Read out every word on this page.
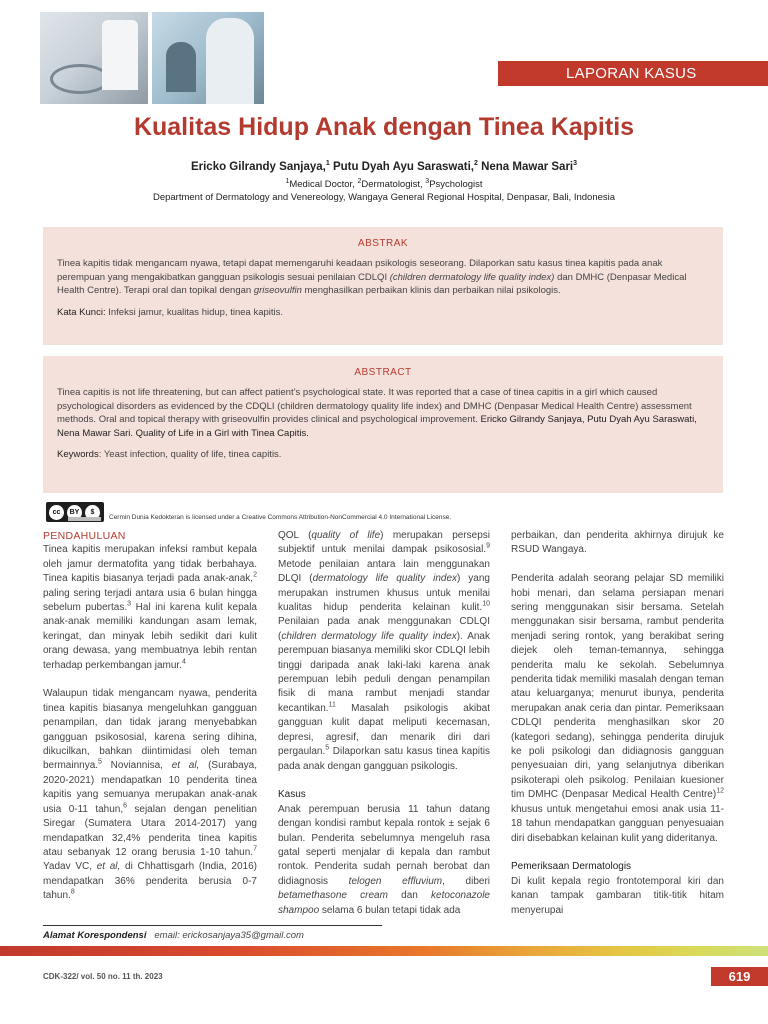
LAPORAN KASUS
Kualitas Hidup Anak dengan Tinea Kapitis
Ericko Gilrandy Sanjaya,$^1$ Putu Dyah Ayu Saraswati,$^2$ Nena Mawar Sari$^3$
$^1$Medical Doctor, $^2$Dermatologist, $^3$Psychologist
Department of Dermatology and Venereology, Wangaya General Regional Hospital, Denpasar, Bali, Indonesia
ABSTRAK
Tinea kapitis tidak mengancam nyawa, tetapi dapat memengaruhi keadaan psikologis seseorang. Dilaporkan satu kasus tinea kapitis pada anak perempuan yang mengakibatkan gangguan psikologis sesuai penilaian CDLQI (children dermatology life quality index) dan DMHC (Denpasar Medical Health Centre). Terapi oral dan topikal dengan griseovulfin menghasilkan perbaikan klinis dan perbaikan nilai psikologis.
Kata Kunci: Infeksi jamur, kualitas hidup, tinea kapitis.
ABSTRACT
Tinea capitis is not life threatening, but can affect patient’s psychological state. It was reported that a case of tinea capitis in a girl which caused psychological disorders as evidenced by the CDQLI (children dermatology quality life index) and DMHC (Denpasar Medical Health Centre) assessment methods. Oral and topical therapy with griseovulfin provides clinical and psychological improvement. Ericko Gilrandy Sanjaya, Putu Dyah Ayu Saraswati, Nena Mawar Sari. Quality of Life in a Girl with Tinea Capitis.
Keywords: Yeast infection, quality of life, tinea capitis.
cc	BY	$
Cermin Dunia Kedokteran is licensed under a Creative Commons Attribution-NonCommercial 4.0 International License.
PENDAHULUAN

Tinea kapitis merupakan infeksi rambut kepala oleh jamur dermatofita yang tidak berbahaya. Tinea kapitis biasanya terjadi pada anak-anak,$^2$ paling sering terjadi antara usia 6 bulan hingga sebelum pubertas.$^3$ Hal ini karena kulit kepala anak-anak memiliki kandungan asam lemak, keringat, dan minyak lebih sedikit dari kulit orang dewasa, yang membuatnya lebih rentan terhadap perkembangan jamur.$^4$

Walaupun tidak mengancam nyawa, penderita tinea kapitis biasanya mengeluhkan gangguan penampilan, dan tidak jarang menyebabkan gangguan psikososial, karena sering dihina, dikucilkan, bahkan diintimidasi oleh teman bermainnya.$^5$ Noviannisa, et al, (Surabaya, 2020-2021) mendapatkan 10 penderita tinea kapitis yang semuanya merupakan anak-anak usia 0-11 tahun,$^6$ sejalan dengan penelitian Siregar (Sumatera Utara 2014-2017) yang mendapatkan 32,4% penderita tinea kapitis atau sebanyak 12 orang berusia 1-10 tahun.$^7$ Yadav VC, et al, di Chhattisgarh (India, 2016) mendapatkan 36% penderita berusia 0-7 tahun.$^8$

QOL (quality of life) merupakan persepsi subjektif untuk menilai dampak psikososial.$^9$ Metode penilaian antara lain menggunakan DLQI (dermatology life quality index) yang merupakan instrumen khusus untuk menilai kualitas hidup penderita kelainan kulit.$^{10}$ Penilaian pada anak menggunakan CDLQI (children dermatology life quality index). Anak perempuan biasanya memiliki skor CDLQI lebih tinggi daripada anak laki-laki karena anak perempuan lebih peduli dengan penampilan fisik di mana rambut menjadi standar kecantikan.$^{11}$ Masalah psikologis akibat gangguan kulit dapat meliputi kecemasan, depresi, agresif, dan menarik diri dari pergaulan.$^5$ Dilaporkan satu kasus tinea kapitis pada anak dengan gangguan psikologis.

Kasus

Anak perempuan berusia 11 tahun datang dengan kondisi rambut kepala rontok ± sejak 6 bulan. Penderita sebelumnya mengeluh rasa gatal seperti menjalar di kepala dan rambut rontok. Penderita sudah pernah berobat dan didiagnosis telogen effluvium, diberi betamethasone cream dan ketoconazole shampoo selama 6 bulan tetapi tidak ada

perbaikan, dan penderita akhirnya dirujuk ke RSUD Wangaya.

Penderita adalah seorang pelajar SD memiliki hobi menari, dan selama persiapan menari sering menggunakan sisir bersama. Setelah menggunakan sisir bersama, rambut penderita menjadi sering rontok, yang berakibat sering diejek oleh teman-temannya, sehingga penderita malu ke sekolah. Sebelumnya penderita tidak memiliki masalah dengan teman atau keluarganya; menurut ibunya, penderita merupakan anak ceria dan pintar. Pemeriksaan CDLQI penderita menghasilkan skor 20 (kategori sedang), sehingga penderita dirujuk ke poli psikologi dan didiagnosis gangguan penyesuaian diri, yang selanjutnya diberikan psikoterapi oleh psikolog. Penilaian kuesioner tim DMHC (Denpasar Medical Health Centre)$^{12}$ khusus untuk mengetahui emosi anak usia 11-18 tahun mendapatkan gangguan penyesuaian diri disebabkan kelainan kulit yang dideritanya.

Pemeriksaan Dermatologis

Di kulit kepala regio frontotemporal kiri dan kanan tampak gambaran titik-titik hitam menyerupai

Alamat Korespondensi email: erickosanjaya35@gmail.com
CDK-322/ vol. 50 no. 11 th. 2023	619
